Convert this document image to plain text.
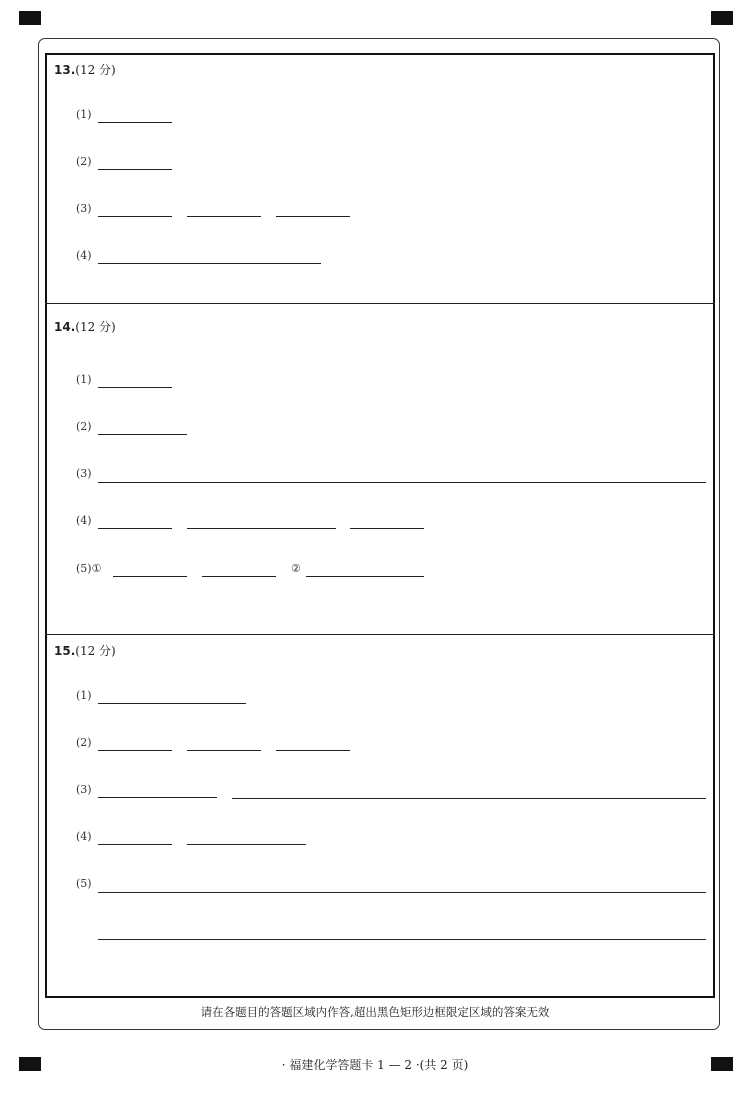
13.(12 分)
(1)
(2)
(3)
(4)
14.(12 分)
(1)
(2)
(3)
(4)
(5)①	②
15.(12 分)
(1)
(2)
(3)
(4)
(5)
请在各题目的答题区域内作答,超出黑色矩形边框限定区域的答案无效
· 福建化学答题卡 1 — 2 ·(共 2 页)
